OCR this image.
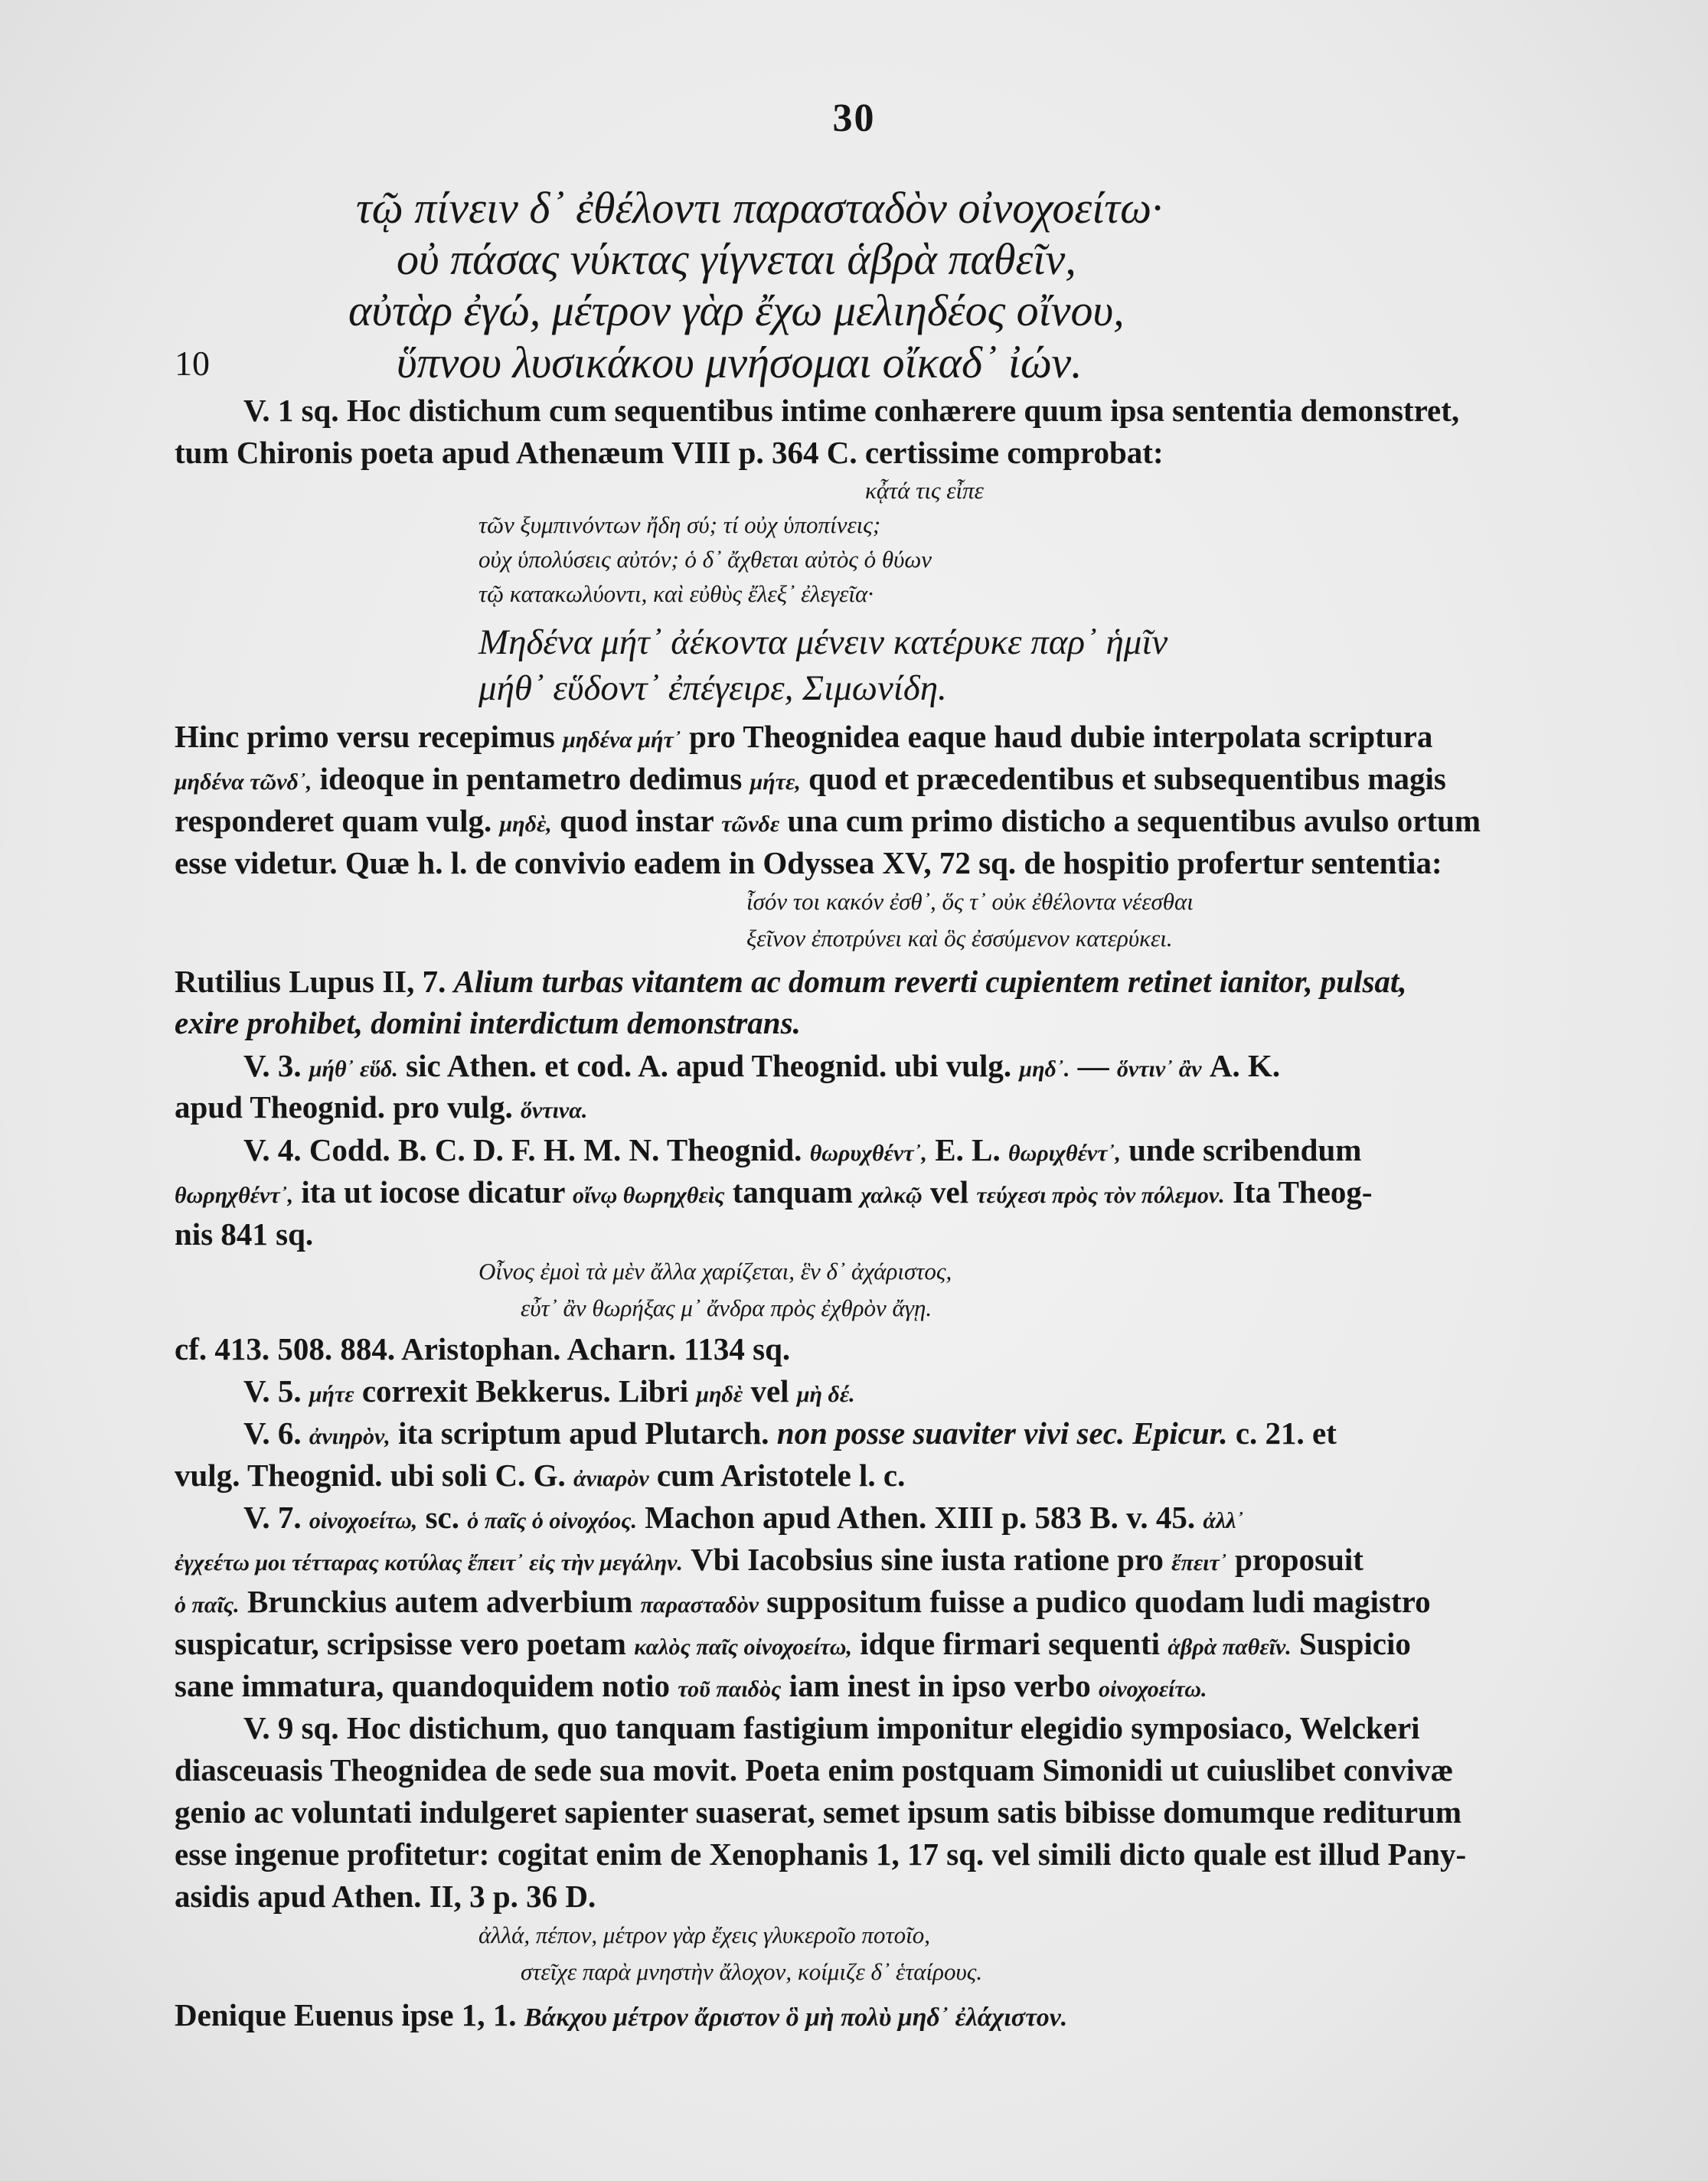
30
τῷ πίνειν δ᾽ ἐθέλοντι παρασταδὸν οἰνοχοείτω·
οὐ πάσας νύκτας γίγνεται ἁβρὰ παθεῖν,
αὐτὰρ ἐγώ, μέτρον γὰρ ἔχω μελιηδέος οἴνου,
ὕπνου λυσικάκου μνήσομαι οἴκαδ᾽ ἰών.
10
V. 1 sq. Hoc distichum cum sequentibus intime conhærere quum ipsa sententia demonstret,
tum Chironis poeta apud Athenæum VIII p. 364 C. certissime comprobat:
κᾆτά τις εἶπε
τῶν ξυμπινόντων ἤδη σύ; τί οὐχ ὑποπίνεις;
οὐχ ὑπολύσεις αὐτόν; ὁ δ᾽ ἄχθεται αὐτὸς ὁ θύων
τῷ κατακωλύοντι, καὶ εὐθὺς ἔλεξ᾽ ἐλεγεῖα·
Μηδένα μήτ᾽ ἀέκοντα μένειν κατέρυκε παρ᾽ ἡμῖν
μήθ᾽ εὕδοντ᾽ ἐπέγειρε, Σιμωνίδη.
Hinc primo versu recepimus μηδένα μήτ᾽ pro Theognidea eaque haud dubie interpolata scriptura
μηδένα τῶνδ᾽, ideoque in pentametro dedimus μήτε, quod et præcedentibus et subsequentibus magis
responderet quam vulg. μηδὲ, quod instar τῶνδε una cum primo disticho a sequentibus avulso ortum
esse videtur. Quæ h. l. de convivio eadem in Odyssea XV, 72 sq. de hospitio profertur sententia:
ἶσόν τοι κακόν ἐσθ᾽, ὅς τ᾽ οὐκ ἐθέλοντα νέεσθαι
ξεῖνον ἐποτρύνει καὶ ὃς ἐσσύμενον κατερύκει.
Rutilius Lupus II, 7. Alium turbas vitantem ac domum reverti cupientem retinet ianitor, pulsat,
exire prohibet, domini interdictum demonstrans.
V. 3. μήθ᾽ εὕδ. sic Athen. et cod. A. apud Theognid. ubi vulg. μηδ᾽. — ὅντιν᾽ ἂν A. K.
apud Theognid. pro vulg. ὅντινα.
V. 4. Codd. B. C. D. F. H. M. N. Theognid. θωρυχθέντ᾽, E. L. θωριχθέντ᾽, unde scribendum
θωρηχθέντ᾽, ita ut iocose dicatur οἴνῳ θωρηχθεὶς tanquam χαλκῷ vel τεύχεσι πρὸς τὸν πόλεμον. Ita Theog-
nis 841 sq.
Οἶνος ἐμοὶ τὰ μὲν ἄλλα χαρίζεται, ἓν δ᾽ ἀχάριστος,
εὖτ᾽ ἂν θωρήξας μ᾽ ἄνδρα πρὸς ἐχθρὸν ἄγῃ.
cf. 413. 508. 884. Aristophan. Acharn. 1134 sq.
V. 5. μήτε correxit Bekkerus. Libri μηδὲ vel μὴ δέ.
V. 6. ἀνιηρὸν, ita scriptum apud Plutarch. non posse suaviter vivi sec. Epicur. c. 21. et
vulg. Theognid. ubi soli C. G. ἀνιαρὸν cum Aristotele l. c.
V. 7. οἰνοχοείτω, sc. ὁ παῖς ὁ οἰνοχόος. Machon apud Athen. XIII p. 583 B. v. 45. ἀλλ᾽
ἐγχεέτω μοι τέτταρας κοτύλας ἔπειτ᾽ εἰς τὴν μεγάλην. Vbi Iacobsius sine iusta ratione pro ἔπειτ᾽ proposuit
ὁ παῖς. Brunckius autem adverbium παρασταδὸν suppositum fuisse a pudico quodam ludi magistro
suspicatur, scripsisse vero poetam καλὸς παῖς οἰνοχοείτω, idque firmari sequenti ἁβρὰ παθεῖν. Suspicio
sane immatura, quandoquidem notio τοῦ παιδὸς iam inest in ipso verbo οἰνοχοείτω.
V. 9 sq. Hoc distichum, quo tanquam fastigium imponitur elegidio symposiaco, Welckeri
diasceuasis Theognidea de sede sua movit. Poeta enim postquam Simonidi ut cuiuslibet convivæ
genio ac voluntati indulgeret sapienter suaserat, semet ipsum satis bibisse domumque rediturum
esse ingenue profitetur: cogitat enim de Xenophanis 1, 17 sq. vel simili dicto quale est illud Pany-
asidis apud Athen. II, 3 p. 36 D.
ἀλλά, πέπον, μέτρον γὰρ ἔχεις γλυκεροῖο ποτοῖο,
στεῖχε παρὰ μνηστὴν ἄλοχον, κοίμιζε δ᾽ ἑταίρους.
Denique Euenus ipse 1, 1. Βάκχου μέτρον ἄριστον ὃ μὴ πολὺ μηδ᾽ ἐλάχιστον.
